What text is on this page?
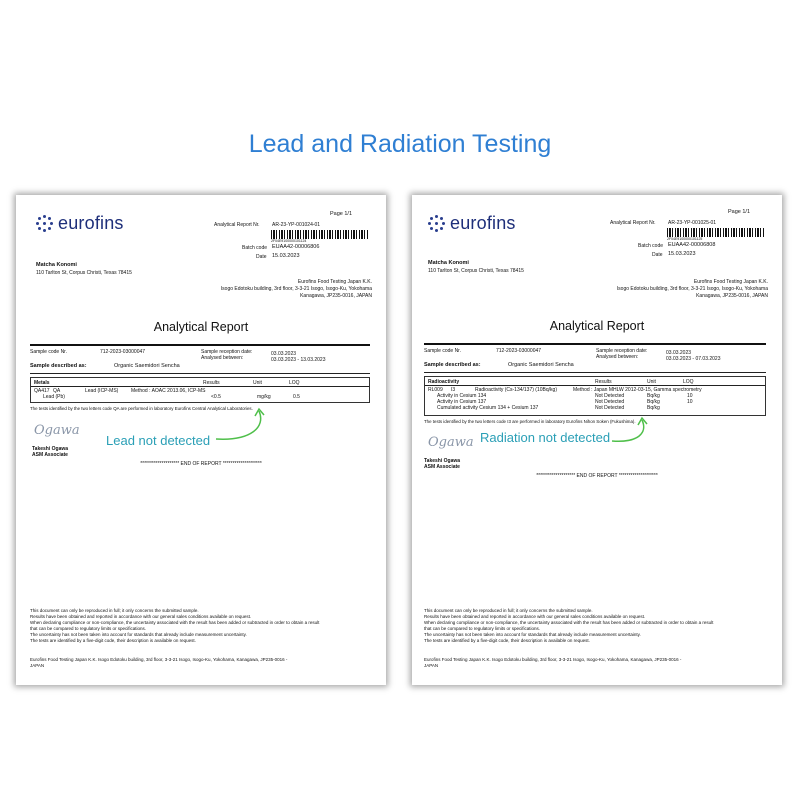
Lead and Radiation Testing
eurofins	Page 1/1
Analytical Report Nr. AR-23-YP-001024-01
2F04E9100000101124
Batch code EUAA42-00006806
Date 15.03.2023
Matcha Konomi
110 Tarlton St, Corpus Christi, Texas 78415
Eurofins Food Testing Japan K.K.
Isogo Edotoku building, 3rd floor, 3-3-21 Isogo, Isogo-Ku, Yokohama
Kanagawa, JP235-0016, JAPAN
Analytical Report
Sample code Nr.	712-2023-03000047	Sample reception date:	03.03.2023
Analysed between:	03.03.2023 - 13.03.2023
Sample described as:	Organic Saemidori Sencha
Metals	Results	Unit	LOQ
QA417 QA	Lead (ICP-MS)	Method : AOAC 2013.06, ICP-MS
Lead (Pb)	<0.5	mg/kg	0.5
The tests identified by the two letters code QA are performed in laboratory Eurofins Central Analytical Laboratories.
Ogawa
Takeshi Ogawa
ASM Associate
******************** END OF REPORT ********************
Lead not detected
This document can only be reproduced in full; it only concerns the submitted sample.
Results have been obtained and reported in accordance with our general sales conditions available on request.
When declaring compliance or non-compliance, the uncertainty associated with the result has been added or subtracted in order to obtain a result
that can be compared to regulatory limits or specifications.
The uncertainty has not been taken into account for standards that already include measurement uncertainty.
The tests are identified by a five-digit code, their description is available on request.
Eurofins Food Testing Japan K.K. Isogo Edotoku building, 3rd floor, 3-3-21 Isogo, Isogo-Ku, Yokohama, Kanagawa, JP235-0016 -
JAPAN
eurofins
Page 1/1
Analytical Report Nr. AR-23-YP-001025-01
2F04E9100000101125
Batch code EUAA42-00006808
Date 15.03.2023
Matcha Konomi
110 Tarlton St, Corpus Christi, Texas 78415
Eurofins Food Testing Japan K.K.
Isogo Edotoku building, 3rd floor, 3-3-21 Isogo, Isogo-Ku, Yokohama
Kanagawa, JP235-0016, JAPAN
Analytical Report
Sample code Nr.	712-2023-03000047	Sample reception date:	03.03.2023
Analysed between:	03.03.2023 - 07.03.2023
Sample described as:	Organic Saemidori Sencha
Radioactivity	Results	Unit	LOQ
RL009 I3	Radioactivity (Cs-134/137) (10Bq/kg)	Method : Japan MHLW 2012-03-15, Gamma spectrometry
Activity in Cesium 134	Not Detected	Bq/kg	10
Activity in Cesium 137	Not Detected	Bq/kg	10
Cumulated activity Cesium 134 + Cesium 137	Not Detected	Bq/kg
The tests identified by the two letters code I3 are performed in laboratory Eurofins Nihon Soken (Fukushima).
Ogawa
Takeshi Ogawa
ASM Associate
******************** END OF REPORT ********************
Radiation not detected
This document can only be reproduced in full; it only concerns the submitted sample.
Results have been obtained and reported in accordance with our general sales conditions available on request.
When declaring compliance or non-compliance, the uncertainty associated with the result has been added or subtracted in order to obtain a result
that can be compared to regulatory limits or specifications.
The uncertainty has not been taken into account for standards that already include measurement uncertainty.
The tests are identified by a five-digit code, their description is available on request.
Eurofins Food Testing Japan K.K. Isogo Edotoku building, 3rd floor, 3-3-21 Isogo, Isogo-Ku, Yokohama, Kanagawa, JP235-0016 -
JAPAN
